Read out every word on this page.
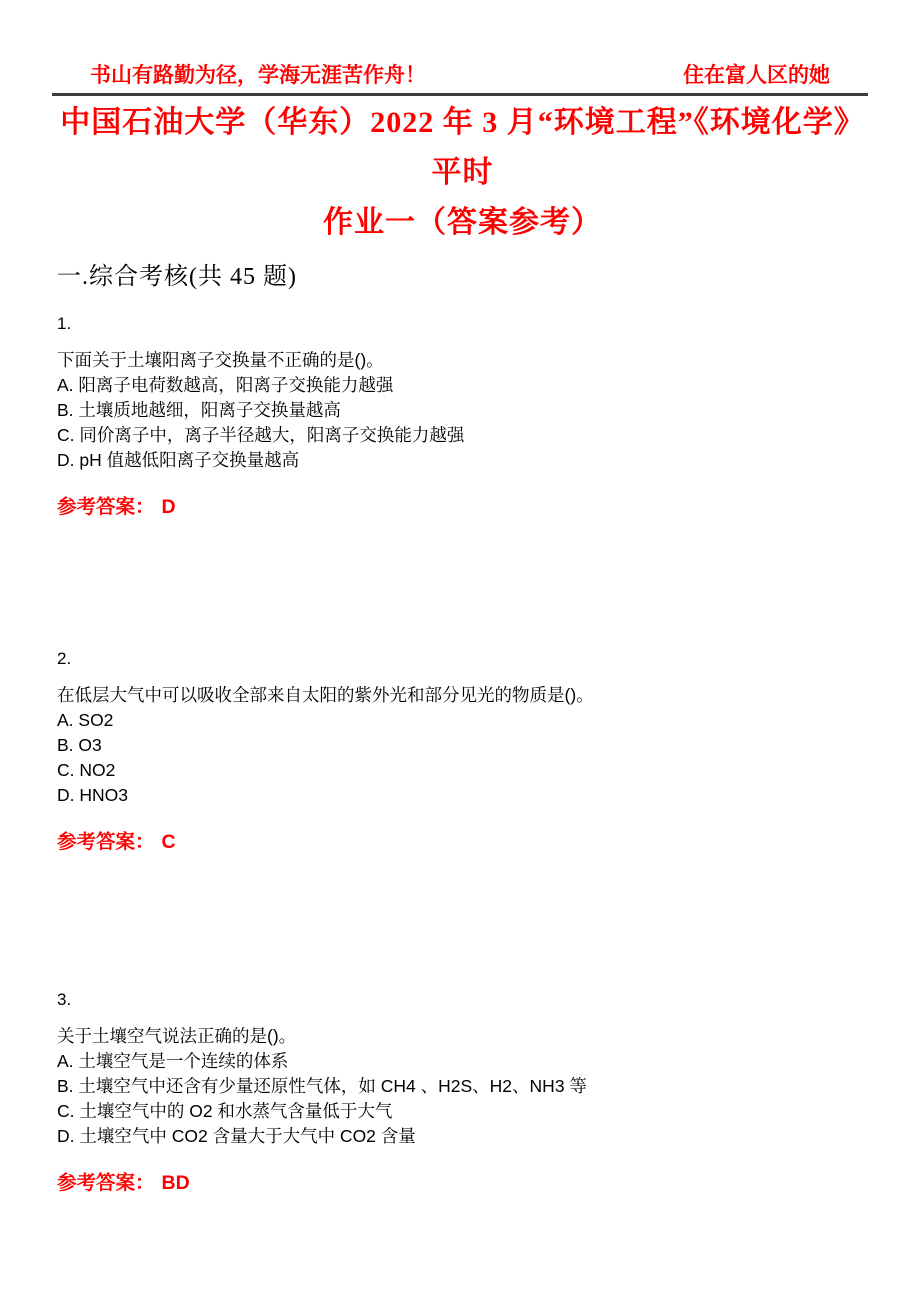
书山有路勤为径，学海无涯苦作舟！	住在富人区的她
中国石油大学（华东）2022 年 3 月“环境工程”《环境化学》平时
作业一（答案参考）
一.综合考核(共 45 题)
1.
下面关于土壤阳离子交换量不正确的是()。
A. 阳离子电荷数越高，阳离子交换能力越强
B. 土壤质地越细，阳离子交换量越高
C. 同价离子中，离子半径越大，阳离子交换能力越强
D. pH 值越低阳离子交换量越高
参考答案： D
2.
在低层大气中可以吸收全部来自太阳的紫外光和部分见光的物质是()。
A. SO2
B. O3
C. NO2
D. HNO3
参考答案： C
3.
关于土壤空气说法正确的是()。
A. 土壤空气是一个连续的体系
B. 土壤空气中还含有少量还原性气体，如 CH4 、H2S、H2、NH3 等
C. 土壤空气中的 O2 和水蒸气含量低于大气
D. 土壤空气中 CO2 含量大于大气中 CO2 含量
参考答案： BD
